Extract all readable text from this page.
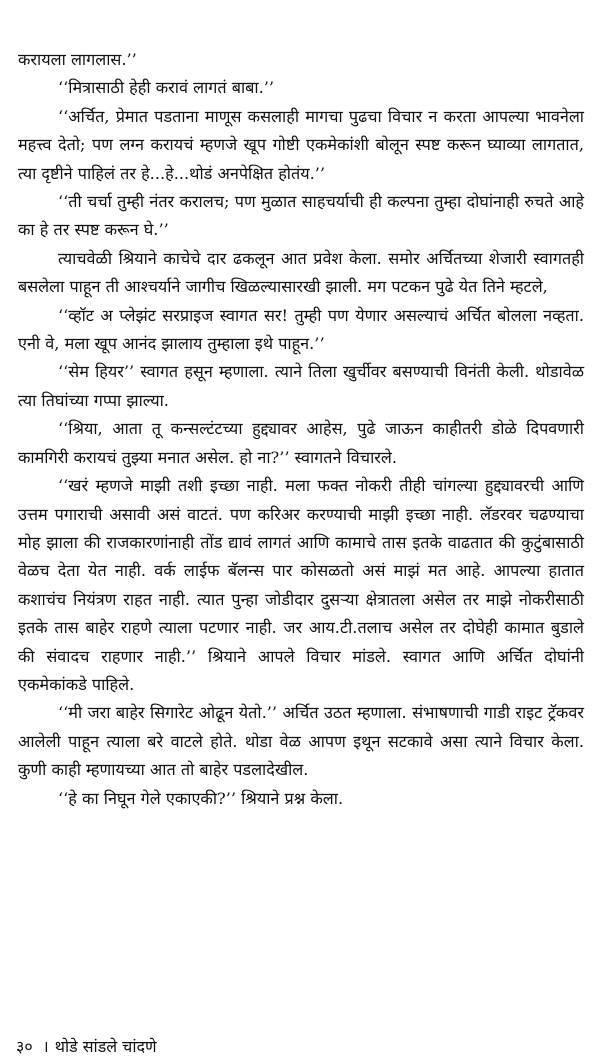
करायला लागलास.’’

‘‘मित्रासाठी हेही करावं लागतं बाबा.’’

‘‘अर्चित, प्रेमात पडताना माणूस कसलाही मागचा पुढचा विचार न करता आपल्या भावनेला महत्त्व देतो; पण लग्न करायचं म्हणजे खूप गोष्टी एकमेकांशी बोलून स्पष्ट करून घ्याव्या लागतात, त्या दृष्टीने पाहिलं तर हे...हे...थोडं अनपेक्षित होतंय.’’

‘‘ती चर्चा तुम्ही नंतर करालच; पण मुळात साहचर्याची ही कल्पना तुम्हा दोघांनाही रुचते आहे का हे तर स्पष्ट करून घे.’’

त्याचवेळी श्रियाने काचेचे दार ढकलून आत प्रवेश केला. समोर अर्चितच्या शेजारी स्वागतही बसलेला पाहून ती आश्चर्याने जागीच खिळल्यासारखी झाली. मग पटकन पुढे येत तिने म्हटले,

‘‘व्हॉट अ प्लेझंट सरप्राइज स्वागत सर! तुम्ही पण येणार असल्याचं अर्चित बोलला नव्हता. एनी वे, मला खूप आनंद झालाय तुम्हाला इथे पाहून.’’

‘‘सेम हियर’’ स्वागत हसून म्हणाला. त्याने तिला खुर्चीवर बसण्याची विनंती केली. थोडावेळ त्या तिघांच्या गप्पा झाल्या.

‘‘श्रिया, आता तू कन्सल्टंटच्या हुद्द्यावर आहेस, पुढे जाऊन काहीतरी डोळे दिपवणारी कामगिरी करायचं तुझ्या मनात असेल. हो ना?’’ स्वागतने विचारले.

‘‘खरं म्हणजे माझी तशी इच्छा नाही. मला फक्त नोकरी तीही चांगल्या हुद्द्यावरची आणि उत्तम पगाराची असावी असं वाटतं. पण करिअर करण्याची माझी इच्छा नाही. लॅडरवर चढण्याचा मोह झाला की राजकारणांनाही तोंड द्यावं लागतं आणि कामाचे तास इतके वाढतात की कुटुंबासाठी वेळच देता येत नाही. वर्क लाईफ बॅलन्स पार कोसळतो असं माझं मत आहे. आपल्या हातात कशाचंच नियंत्रण राहत नाही. त्यात पुन्हा जोडीदार दुसऱ्या क्षेत्रातला असेल तर माझे नोकरीसाठी इतके तास बाहेर राहणे त्याला पटणार नाही. जर आय.टी.तलाच असेल तर दोघेही कामात बुडाले की संवादच राहणार नाही.’’ श्रियाने आपले विचार मांडले. स्वागत आणि अर्चित दोघांनी एकमेकांकडे पाहिले.

‘‘मी जरा बाहेर सिगारेट ओढून येतो.’’ अर्चित उठत म्हणाला. संभाषणाची गाडी राइट ट्रॅकवर आलेली पाहून त्याला बरे वाटले होते. थोडा वेळ आपण इथून सटकावे असा त्याने विचार केला. कुणी काही म्हणायच्या आत तो बाहेर पडलादेखील.

‘‘हे का निघून गेले एकाएकी?’’ श्रियाने प्रश्न केला.

३० । थोडे सांडले चांदणे
